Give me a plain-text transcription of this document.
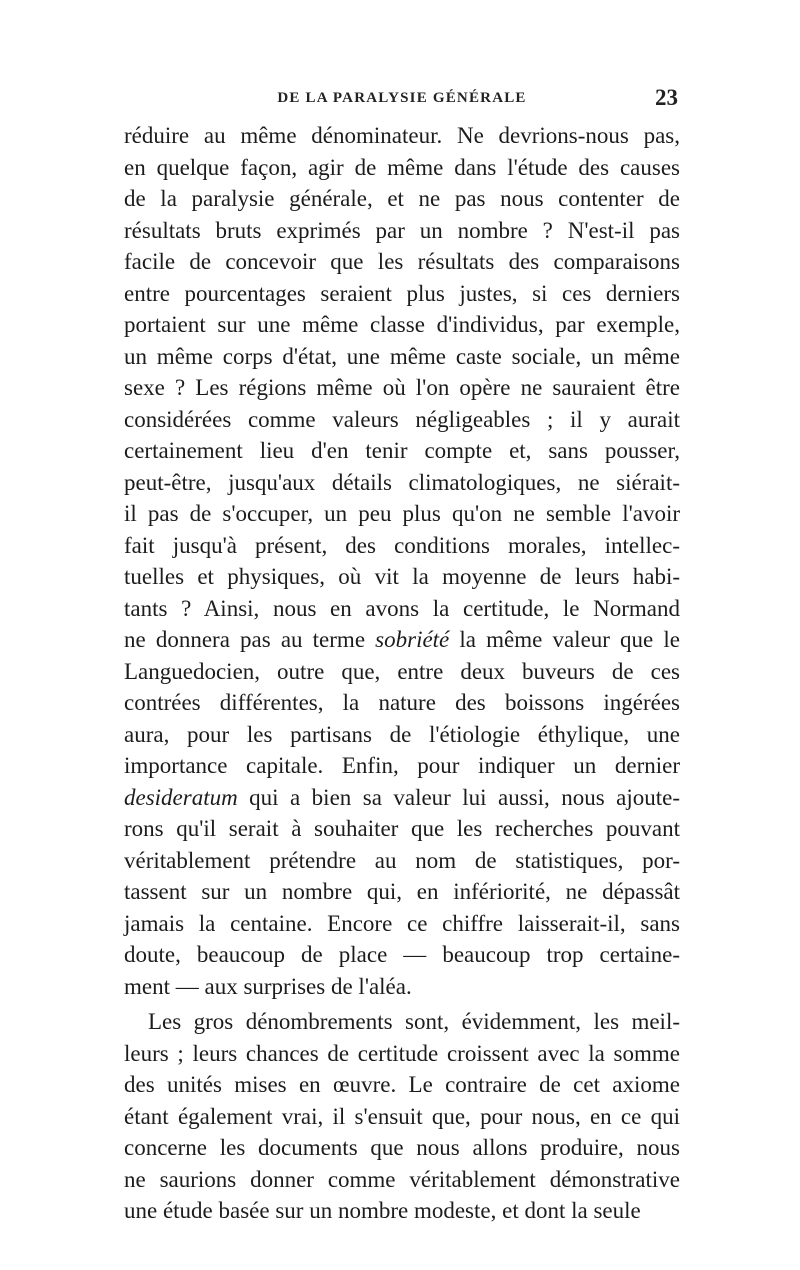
DE LA PARALYSIE GÉNÉRALE	23
réduire au même dénominateur. Ne devrions-nous pas,
en quelque façon, agir de même dans l'étude des causes
de la paralysie générale, et ne pas nous contenter de
résultats bruts exprimés par un nombre ? N'est-il pas
facile de concevoir que les résultats des comparaisons
entre pourcentages seraient plus justes, si ces derniers
portaient sur une même classe d'individus, par exemple,
un même corps d'état, une même caste sociale, un même
sexe ? Les régions même où l'on opère ne sauraient être
considérées comme valeurs négligeables ; il y aurait
certainement lieu d'en tenir compte et, sans pousser,
peut-être, jusqu'aux détails climatologiques, ne siérait-
il pas de s'occuper, un peu plus qu'on ne semble l'avoir
fait jusqu'à présent, des conditions morales, intellec-
tuelles et physiques, où vit la moyenne de leurs habi-
tants ? Ainsi, nous en avons la certitude, le Normand
ne donnera pas au terme sobriété la même valeur que le
Languedocien, outre que, entre deux buveurs de ces
contrées différentes, la nature des boissons ingérées
aura, pour les partisans de l'étiologie éthylique, une
importance capitale. Enfin, pour indiquer un dernier
desideratum qui a bien sa valeur lui aussi, nous ajoute-
rons qu'il serait à souhaiter que les recherches pouvant
véritablement prétendre au nom de statistiques, por-
tassent sur un nombre qui, en infériorité, ne dépassât
jamais la centaine. Encore ce chiffre laisserait-il, sans
doute, beaucoup de place — beaucoup trop certaine-
ment — aux surprises de l'aléa.
Les gros dénombrements sont, évidemment, les meil-
leurs ; leurs chances de certitude croissent avec la somme
des unités mises en œuvre. Le contraire de cet axiome
étant également vrai, il s'ensuit que, pour nous, en ce qui
concerne les documents que nous allons produire, nous
ne saurions donner comme véritablement démonstrative
une étude basée sur un nombre modeste, et dont la seule
